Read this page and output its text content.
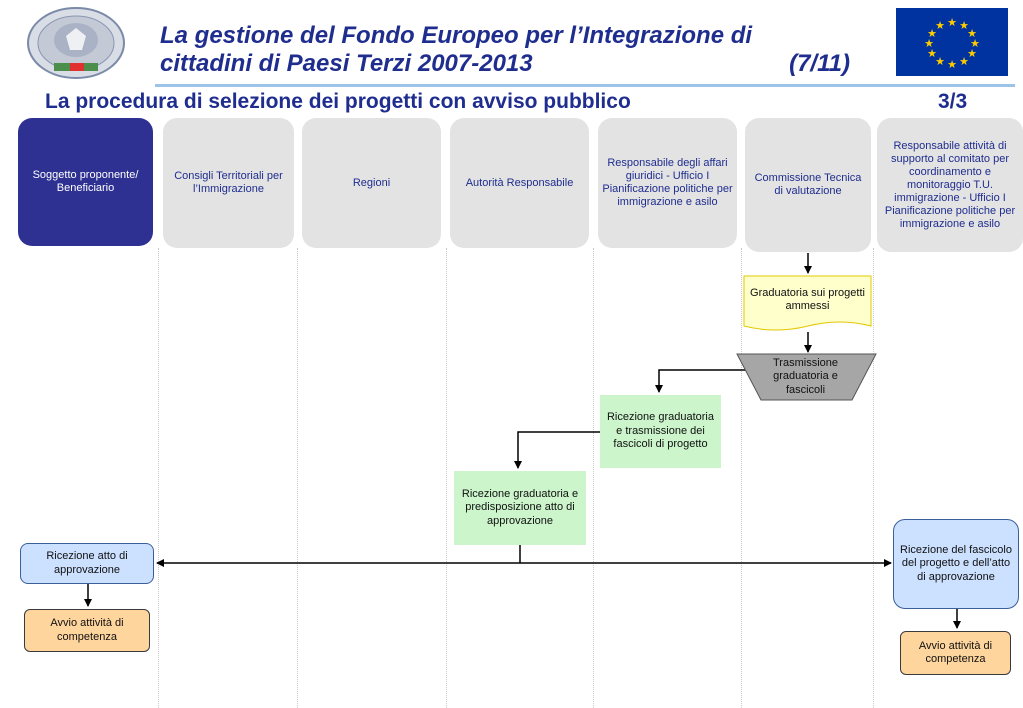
La gestione del Fondo Europeo per l’Integrazione di
cittadini di Paesi Terzi 2007-2013	(7/11)
★ ★
★
★
★
★
★
★
★
★
★
★
La procedura di selezione dei progetti con avviso pubblico	3/3
Soggetto proponente/ Beneficiario
Consigli Territoriali per l’Immigrazione
Regioni	Autorità Responsabile
Responsabile degli affari giuridici - Ufficio I Pianificazione politiche per immigrazione e asilo
Commissione Tecnica di valutazione
Responsabile attività di supporto al comitato per coordinamento e monitoraggio T.U. immigrazione - Ufficio I Pianificazione politiche per immigrazione e asilo
Graduatoria sui progetti ammessi
Trasmissione graduatoria e fascicoli
Ricezione graduatoria e trasmissione dei fascicoli di progetto
Ricezione graduatoria e predisposizione atto di approvazione
Ricezione atto di approvazione
Avvio attività di competenza
Ricezione del fascicolo del progetto e dell’atto di approvazione
Avvio attività di competenza
